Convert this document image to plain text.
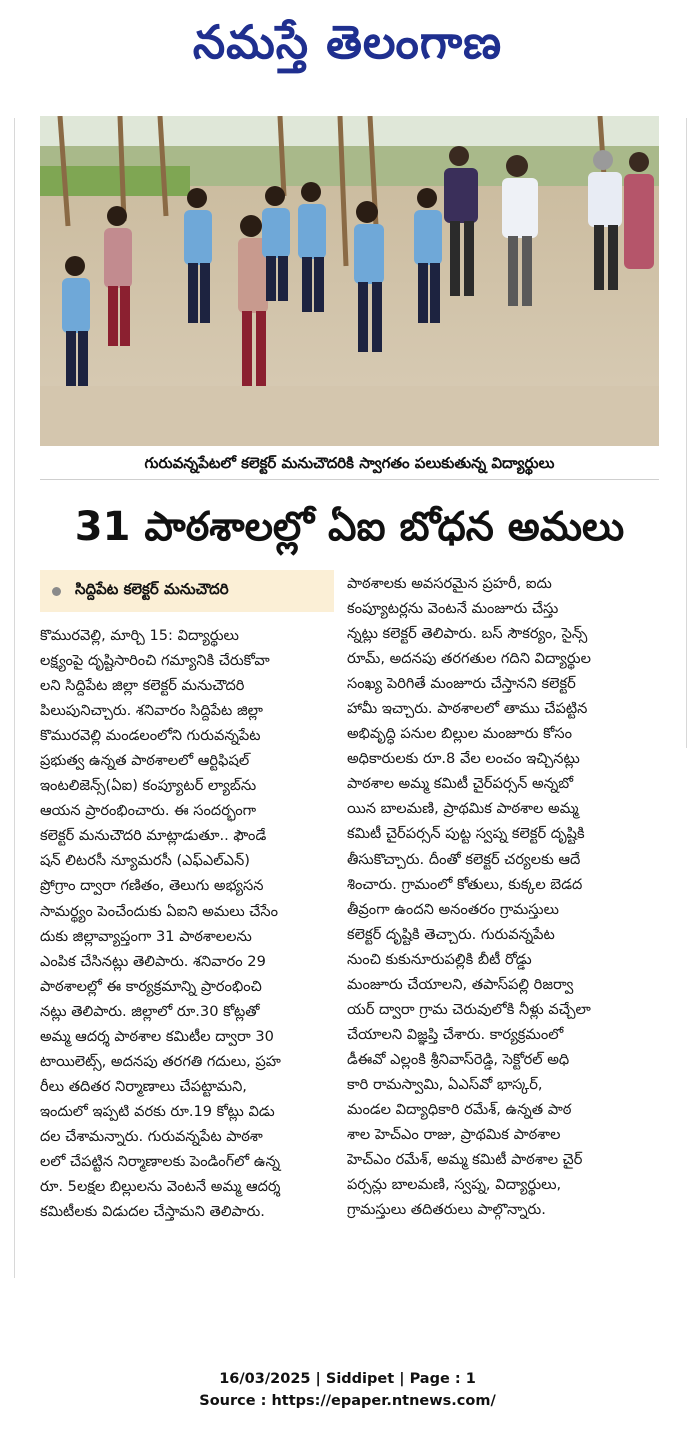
నమస్తే తెలంగాణ
గురువన్నపేటలో కలెక్టర్ మనుచౌదరికి స్వాగతం పలుకుతున్న విద్యార్థులు
31 పాఠశాలల్లో ఏఐ బోధన అమలు
సిద్దిపేట కలెక్టర్ మనుచౌదరి
కొమురవెల్లి, మార్చి 15: విద్యార్థులు
లక్ష్యంపై దృష్టిసారించి గమ్యానికి చేరుకోవా
లని సిద్దిపేట జిల్లా కలెక్టర్ మనుచౌదరి
పిలుపునిచ్చారు. శనివారం సిద్దిపేట జిల్లా
కొమురవెల్లి మండలంలోని గురువన్నపేట
ప్రభుత్వ ఉన్నత పాఠశాలలో ఆర్టిఫిషల్
ఇంటలిజెన్స్(ఏఐ) కంప్యూటర్ ల్యాబ్‌ను
ఆయన ప్రారంభించారు. ఈ సందర్భంగా
కలెక్టర్ మనుచౌదరి మాట్లాడుతూ.. ఫౌండే
షన్ లిటరసీ న్యూమరసీ (ఎఫ్ఎల్ఎన్)
ప్రోగ్రాం ద్వారా గణితం, తెలుగు అభ్యసన
సామర్థ్యం పెంచేందుకు ఏఐని అమలు చేసేం
దుకు జిల్లావ్యాప్తంగా 31 పాఠశాలలను
ఎంపిక చేసినట్లు తెలిపారు. శనివారం 29
పాఠశాలల్లో ఈ కార్యక్రమాన్ని ప్రారంభించి
నట్లు తెలిపారు. జిల్లాలో రూ.30 కోట్లతో
అమ్మ ఆదర్శ పాఠశాల కమిటీల ద్వారా 30
టాయిలెట్స్, అదనపు తరగతి గదులు, ప్రహ
రీలు తదితర నిర్మాణాలు చేపట్టామని,
ఇందులో ఇప్పటి వరకు రూ.19 కోట్లు విడు
దల చేశామన్నారు. గురువన్నపేట పాఠశా
లలో చేపట్టిన నిర్మాణాలకు పెండింగ్‌లో ఉన్న
రూ. 5లక్షల బిల్లులను వెంటనే అమ్మ ఆదర్శ
కమిటీలకు విడుదల చేస్తామని తెలిపారు.
పాఠశాలకు అవసరమైన ప్రహరీ, ఐదు
కంప్యూటర్లను వెంటనే మంజూరు చేస్తు
న్నట్లు కలెక్టర్ తెలిపారు. బస్ సౌకర్యం, సైన్స్
రూమ్, అదనపు తరగతుల గదిని విద్యార్థుల
సంఖ్య పెరిగితే మంజూరు చేస్తానని కలెక్టర్
హామీ ఇచ్చారు. పాఠశాలలో తాము చేపట్టిన
అభివృద్ధి పనుల బిల్లుల మంజూరు కోసం
అధికారులకు రూ.8 వేల లంచం ఇచ్చినట్లు
పాఠశాల అమ్మ కమిటీ చైర్‌పర్సన్ అన్నబో
యిన బాలమణి, ప్రాథమిక పాఠశాల అమ్మ
కమిటీ చైర్‌పర్సన్ పుట్ట స్వప్న కలెక్టర్ దృష్టికి
తీసుకొచ్చారు. దీంతో కలెక్టర్ చర్యలకు ఆదే
శించారు. గ్రామంలో కోతులు, కుక్కల బెడద
తీవ్రంగా ఉందని అనంతరం గ్రామస్తులు
కలెక్టర్ దృష్టికి తెచ్చారు. గురువన్నపేట
నుంచి కుకునూరుపల్లికి బీటీ రోడ్డు
మంజూరు చేయాలని, తపాస్‌పల్లి రిజర్వా
యర్ ద్వారా గ్రామ చెరువులోకి నీళ్లు వచ్చేలా
చేయాలని విజ్ఞప్తి చేశారు. కార్యక్రమంలో
డీఈవో ఎల్లంకి శ్రీనివాస్‌రెడ్డి, సెక్టోరల్ అధి
కారి రామస్వామి, ఏఎస్‌వో భాస్కర్,
మండల విద్యాధికారి రమేశ్, ఉన్నత పాఠ
శాల హెచ్ఎం రాజు, ప్రాథమిక పాఠశాల
హెచ్ఎం రమేశ్, అమ్మ కమిటీ పాఠశాల చైర్
పర్సన్లు బాలమణి, స్వప్న, విద్యార్థులు,
గ్రామస్తులు తదితరులు పాల్గొన్నారు.
16/03/2025 | Siddipet | Page : 1
Source : https://epaper.ntnews.com/
